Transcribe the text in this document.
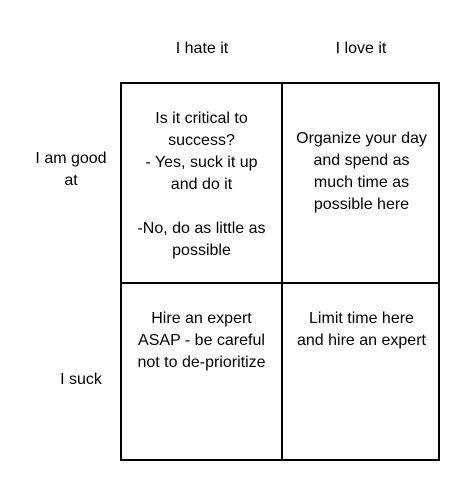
I hate it	I love it
I am good
at
I suck
Is it critical to
success?
- Yes, suck it up
and do it

-No, do as little as
possible
Organize your day
and spend as
much time as
possible here
Hire an expert
ASAP - be careful
not to de-prioritize
Limit time here
and hire an expert
